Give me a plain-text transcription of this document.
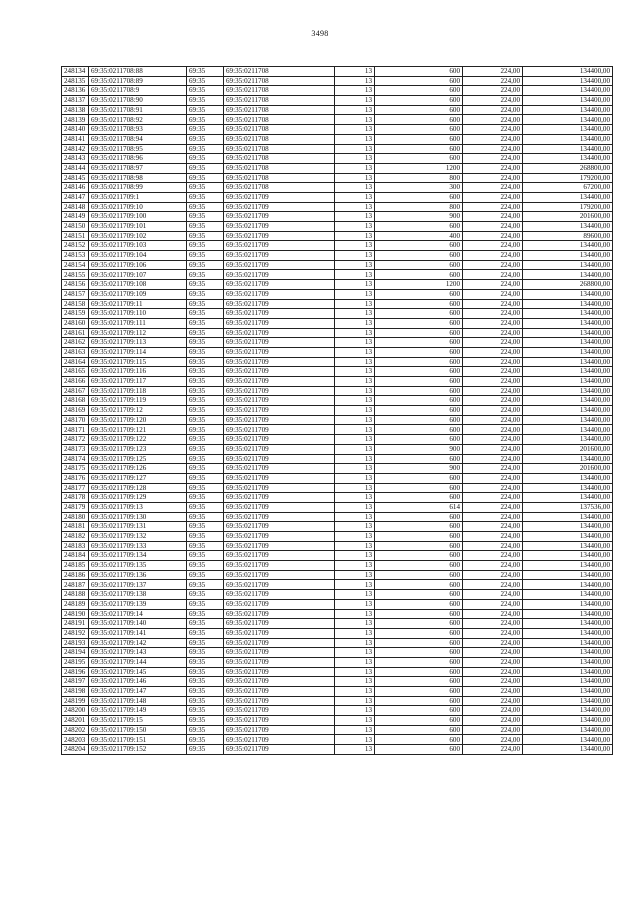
3498
248134	69:35:0211708:88	69:35	69:35:0211708	13	600	224,00	134400,00
248135	69:35:0211708:89	69:35	69:35:0211708	13	600	224,00	134400,00
248136	69:35:0211708:9	69:35	69:35:0211708	13	600	224,00	134400,00
248137	69:35:0211708:90	69:35	69:35:0211708	13	600	224,00	134400,00
248138	69:35:0211708:91	69:35	69:35:0211708	13	600	224,00	134400,00
248139	69:35:0211708:92	69:35	69:35:0211708	13	600	224,00	134400,00
248140	69:35:0211708:93	69:35	69:35:0211708	13	600	224,00	134400,00
248141	69:35:0211708:94	69:35	69:35:0211708	13	600	224,00	134400,00
248142	69:35:0211708:95	69:35	69:35:0211708	13	600	224,00	134400,00
248143	69:35:0211708:96	69:35	69:35:0211708	13	600	224,00	134400,00
248144	69:35:0211708:97	69:35	69:35:0211708	13	1200	224,00	268800,00
248145	69:35:0211708:98	69:35	69:35:0211708	13	800	224,00	179200,00
248146	69:35:0211708:99	69:35	69:35:0211708	13	300	224,00	67200,00
248147	69:35:0211709:1	69:35	69:35:0211709	13	600	224,00	134400,00
248148	69:35:0211709:10	69:35	69:35:0211709	13	800	224,00	179200,00
248149	69:35:0211709:100	69:35	69:35:0211709	13	900	224,00	201600,00
248150	69:35:0211709:101	69:35	69:35:0211709	13	600	224,00	134400,00
248151	69:35:0211709:102	69:35	69:35:0211709	13	400	224,00	89600,00
248152	69:35:0211709:103	69:35	69:35:0211709	13	600	224,00	134400,00
248153	69:35:0211709:104	69:35	69:35:0211709	13	600	224,00	134400,00
248154	69:35:0211709:106	69:35	69:35:0211709	13	600	224,00	134400,00
248155	69:35:0211709:107	69:35	69:35:0211709	13	600	224,00	134400,00
248156	69:35:0211709:108	69:35	69:35:0211709	13	1200	224,00	268800,00
248157	69:35:0211709:109	69:35	69:35:0211709	13	600	224,00	134400,00
248158	69:35:0211709:11	69:35	69:35:0211709	13	600	224,00	134400,00
248159	69:35:0211709:110	69:35	69:35:0211709	13	600	224,00	134400,00
248160	69:35:0211709:111	69:35	69:35:0211709	13	600	224,00	134400,00
248161	69:35:0211709:112	69:35	69:35:0211709	13	600	224,00	134400,00
248162	69:35:0211709:113	69:35	69:35:0211709	13	600	224,00	134400,00
248163	69:35:0211709:114	69:35	69:35:0211709	13	600	224,00	134400,00
248164	69:35:0211709:115	69:35	69:35:0211709	13	600	224,00	134400,00
248165	69:35:0211709:116	69:35	69:35:0211709	13	600	224,00	134400,00
248166	69:35:0211709:117	69:35	69:35:0211709	13	600	224,00	134400,00
248167	69:35:0211709:118	69:35	69:35:0211709	13	600	224,00	134400,00
248168	69:35:0211709:119	69:35	69:35:0211709	13	600	224,00	134400,00
248169	69:35:0211709:12	69:35	69:35:0211709	13	600	224,00	134400,00
248170	69:35:0211709:120	69:35	69:35:0211709	13	600	224,00	134400,00
248171	69:35:0211709:121	69:35	69:35:0211709	13	600	224,00	134400,00
248172	69:35:0211709:122	69:35	69:35:0211709	13	600	224,00	134400,00
248173	69:35:0211709:123	69:35	69:35:0211709	13	900	224,00	201600,00
248174	69:35:0211709:125	69:35	69:35:0211709	13	600	224,00	134400,00
248175	69:35:0211709:126	69:35	69:35:0211709	13	900	224,00	201600,00
248176	69:35:0211709:127	69:35	69:35:0211709	13	600	224,00	134400,00
248177	69:35:0211709:128	69:35	69:35:0211709	13	600	224,00	134400,00
248178	69:35:0211709:129	69:35	69:35:0211709	13	600	224,00	134400,00
248179	69:35:0211709:13	69:35	69:35:0211709	13	614	224,00	137536,00
248180	69:35:0211709:130	69:35	69:35:0211709	13	600	224,00	134400,00
248181	69:35:0211709:131	69:35	69:35:0211709	13	600	224,00	134400,00
248182	69:35:0211709:132	69:35	69:35:0211709	13	600	224,00	134400,00
248183	69:35:0211709:133	69:35	69:35:0211709	13	600	224,00	134400,00
248184	69:35:0211709:134	69:35	69:35:0211709	13	600	224,00	134400,00
248185	69:35:0211709:135	69:35	69:35:0211709	13	600	224,00	134400,00
248186	69:35:0211709:136	69:35	69:35:0211709	13	600	224,00	134400,00
248187	69:35:0211709:137	69:35	69:35:0211709	13	600	224,00	134400,00
248188	69:35:0211709:138	69:35	69:35:0211709	13	600	224,00	134400,00
248189	69:35:0211709:139	69:35	69:35:0211709	13	600	224,00	134400,00
248190	69:35:0211709:14	69:35	69:35:0211709	13	600	224,00	134400,00
248191	69:35:0211709:140	69:35	69:35:0211709	13	600	224,00	134400,00
248192	69:35:0211709:141	69:35	69:35:0211709	13	600	224,00	134400,00
248193	69:35:0211709:142	69:35	69:35:0211709	13	600	224,00	134400,00
248194	69:35:0211709:143	69:35	69:35:0211709	13	600	224,00	134400,00
248195	69:35:0211709:144	69:35	69:35:0211709	13	600	224,00	134400,00
248196	69:35:0211709:145	69:35	69:35:0211709	13	600	224,00	134400,00
248197	69:35:0211709:146	69:35	69:35:0211709	13	600	224,00	134400,00
248198	69:35:0211709:147	69:35	69:35:0211709	13	600	224,00	134400,00
248199	69:35:0211709:148	69:35	69:35:0211709	13	600	224,00	134400,00
248200	69:35:0211709:149	69:35	69:35:0211709	13	600	224,00	134400,00
248201	69:35:0211709:15	69:35	69:35:0211709	13	600	224,00	134400,00
248202	69:35:0211709:150	69:35	69:35:0211709	13	600	224,00	134400,00
248203	69:35:0211709:151	69:35	69:35:0211709	13	600	224,00	134400,00
248204	69:35:0211709:152	69:35	69:35:0211709	13	600	224,00	134400,00
